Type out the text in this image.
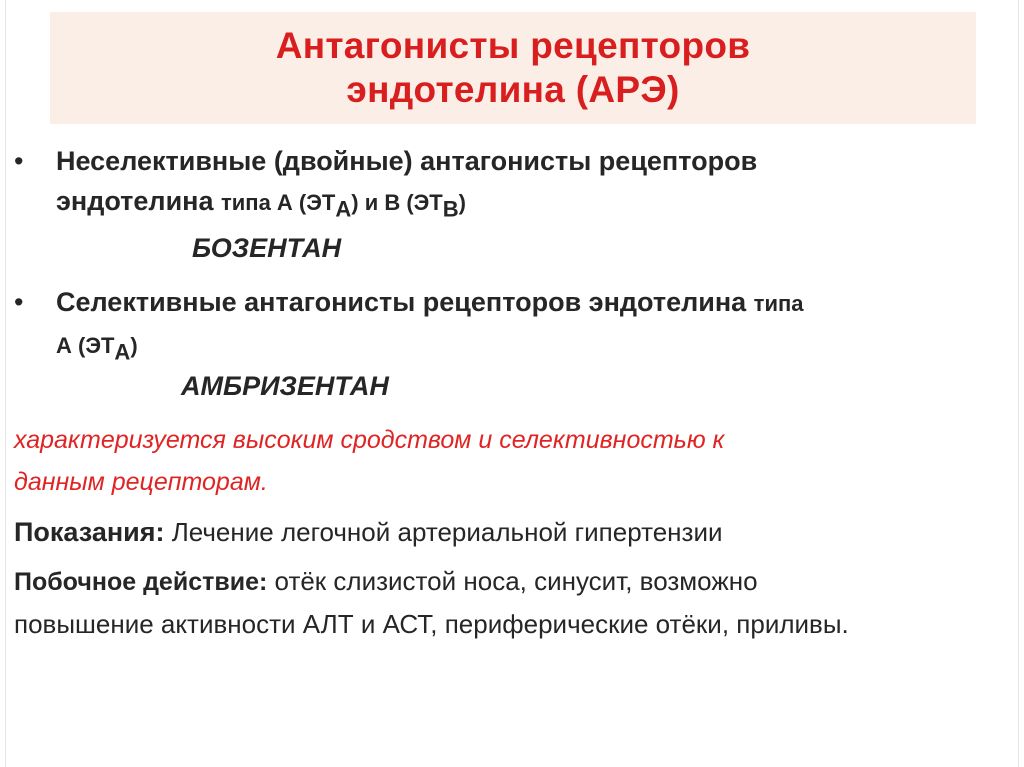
Антагонисты рецепторов
эндотелина (АРЭ)
• Неселективные (двойные) антагонисты рецепторов
эндотелина типа А $(ЭТ_А)$ и В $(ЭТ_В)$
БОЗЕНТАН
• Селективные антагонисты рецепторов эндотелина типа
А $(ЭТ_А)$
АМБРИЗЕНТАН
характеризуется высоким сродством и селективностью к
данным рецепторам.
Показания: Лечение легочной артериальной гипертензии
Побочное действие: отёк слизистой носа, синусит, возможно
повышение активности АЛТ и АСТ, периферические отёки, приливы.
